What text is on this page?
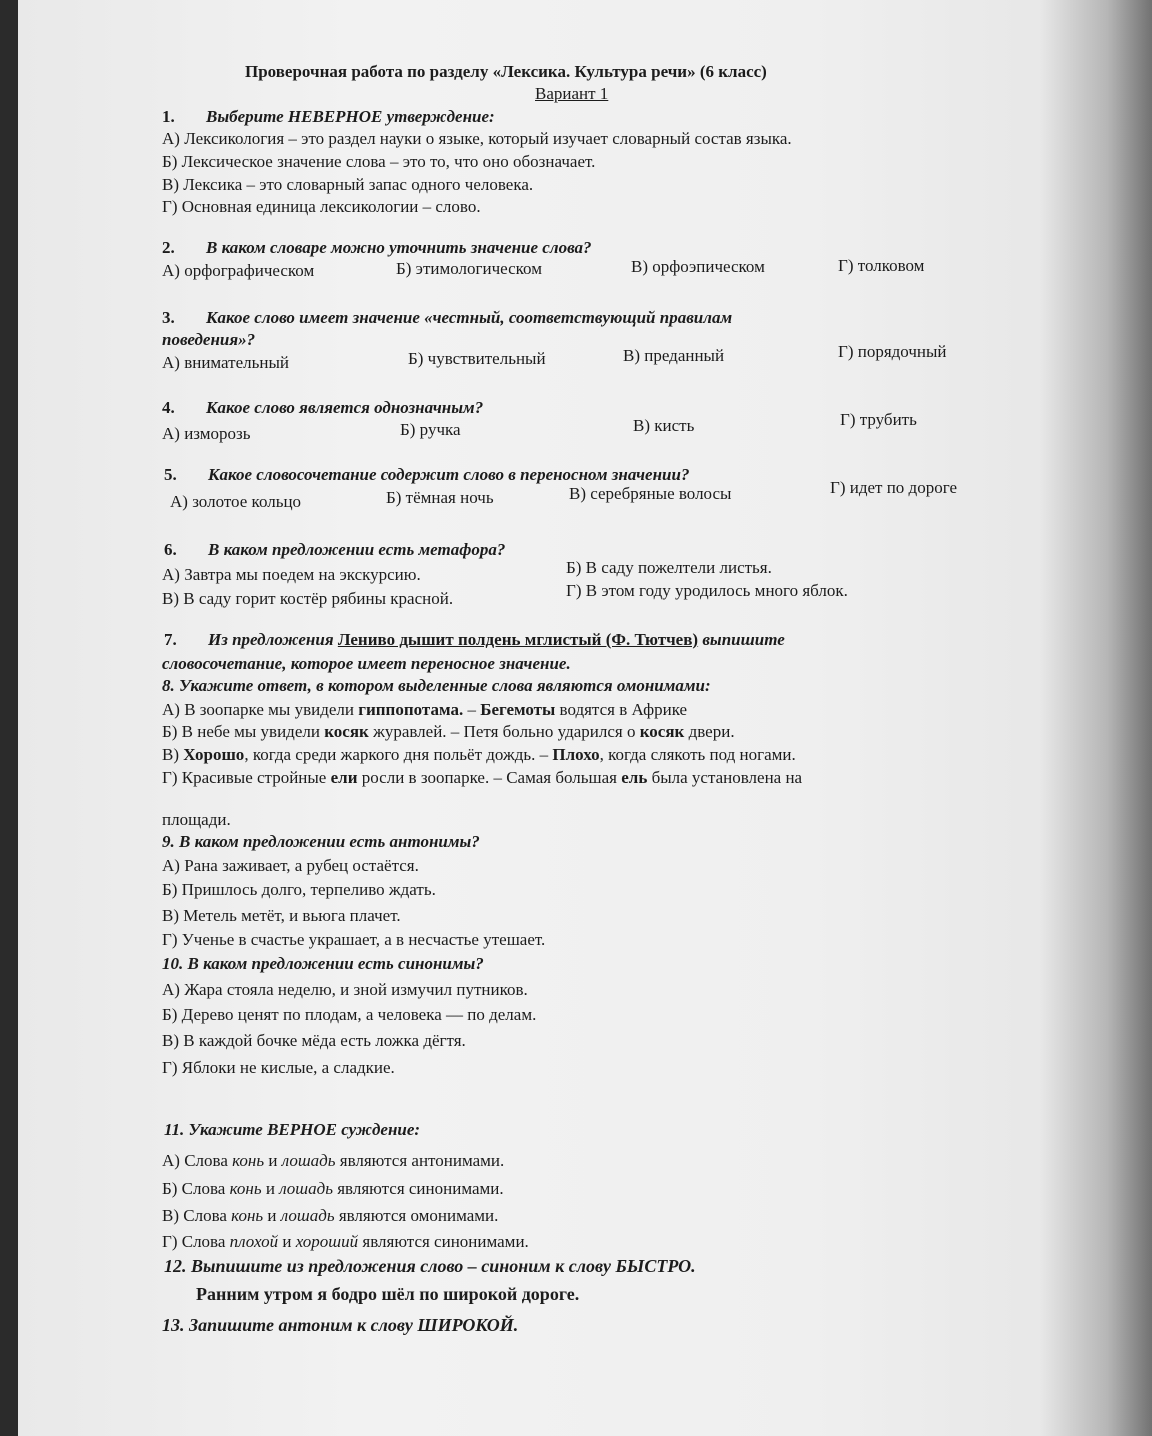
Проверочная работа по разделу «Лексика. Культура речи» (6 класс)
Вариант 1
1. Выберите НЕВЕРНОЕ утверждение:
А) Лексикология – это раздел науки о языке, который изучает словарный состав языка.
Б) Лексическое значение слова – это то, что оно обозначает.
В) Лексика – это словарный запас одного человека.
Г) Основная единица лексикологии – слово.
2. В каком словаре можно уточнить значение слова?
А) орфографическом	Б) этимологическом	В) орфоэпическом	Г) толковом
3. Какое слово имеет значение «честный, соответствующий правилам
поведения»?
А) внимательный	Б) чувствительный	В) преданный	Г) порядочный
4. Какое слово является однозначным?
А) изморозь	Б) ручка	В) кисть	Г) трубить
5. Какое словосочетание содержит слово в переносном значении?
А) золотое кольцо	Б) тёмная ночь	В) серебряные волосы	Г) идет по дороге
6. В каком предложении есть метафора?
А) Завтра мы поедем на экскурсию.	Б) В саду пожелтели листья.
В) В саду горит костёр рябины красной.	Г) В этом году уродилось много яблок.
7. Из предложения Лениво дышит полдень мглистый (Ф. Тютчев) выпишите
словосочетание, которое имеет переносное значение.
8. Укажите ответ, в котором выделенные слова являются омонимами:
А) В зоопарке мы увидели гиппопотама. – Бегемоты водятся в Африке
Б) В небе мы увидели косяк журавлей. – Петя больно ударился о косяк двери.
В) Хорошо, когда среди жаркого дня польёт дождь. – Плохо, когда слякоть под ногами.
Г) Красивые стройные ели росли в зоопарке. – Самая большая ель была установлена на
площади.
9. В каком предложении есть антонимы?
А) Рана заживает, а рубец остаётся.
Б) Пришлось долго, терпеливо ждать.
В) Метель метёт, и вьюга плачет.
Г) Ученье в счастье украшает, а в несчастье утешает.
10. В каком предложении есть синонимы?
А) Жара стояла неделю, и зной измучил путников.
Б) Дерево ценят по плодам, а человека — по делам.
В) В каждой бочке мёда есть ложка дёгтя.
Г) Яблоки не кислые, а сладкие.
11. Укажите ВЕРНОЕ суждение:
А) Слова конь и лошадь являются антонимами.
Б) Слова конь и лошадь являются синонимами.
В) Слова конь и лошадь являются омонимами.
Г) Слова плохой и хороший являются синонимами.
12. Выпишите из предложения слово – синоним к слову БЫСТРО.
Ранним утром я бодро шёл по широкой дороге.
13. Запишите антоним к слову ШИРОКОЙ.
